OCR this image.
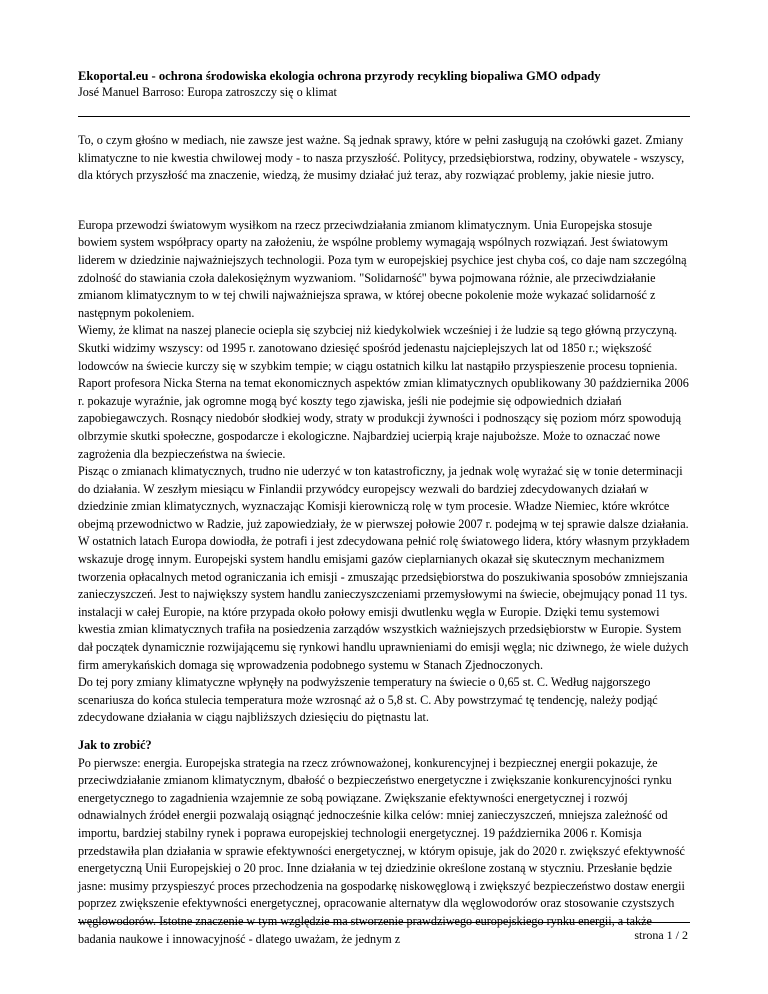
Ekoportal.eu - ochrona środowiska ekologia ochrona przyrody recykling biopaliwa GMO odpady

José Manuel Barroso: Europa zatroszczy się o klimat

To, o czym głośno w mediach, nie zawsze jest ważne. Są jednak sprawy, które w pełni zasługują na czołówki gazet. Zmiany klimatyczne to nie kwestia chwilowej mody - to nasza przyszłość. Politycy, przedsiębiorstwa, rodziny, obywatele - wszyscy, dla których przyszłość ma znaczenie, wiedzą, że musimy działać już teraz, aby rozwiązać problemy, jakie niesie jutro.

Europa przewodzi światowym wysiłkom na rzecz przeciwdziałania zmianom klimatycznym. Unia Europejska stosuje bowiem system współpracy oparty na założeniu, że wspólne problemy wymagają wspólnych rozwiązań. Jest światowym liderem w dziedzinie najważniejszych technologii. Poza tym w europejskiej psychice jest chyba coś, co daje nam szczególną zdolność do stawiania czoła dalekosiężnym wyzwaniom. "Solidarność" bywa pojmowana różnie, ale przeciwdziałanie zmianom klimatycznym to w tej chwili najważniejsza sprawa, w której obecne pokolenie może wykazać solidarność z następnym pokoleniem.

Wiemy, że klimat na naszej planecie ociepla się szybciej niż kiedykolwiek wcześniej i że ludzie są tego główną przyczyną. Skutki widzimy wszyscy: od 1995 r. zanotowano dziesięć spośród jedenastu najcieplejszych lat od 1850 r.; większość lodowców na świecie kurczy się w szybkim tempie; w ciągu ostatnich kilku lat nastąpiło przyspieszenie procesu topnienia.

Raport profesora Nicka Sterna na temat ekonomicznych aspektów zmian klimatycznych opublikowany 30 października 2006 r. pokazuje wyraźnie, jak ogromne mogą być koszty tego zjawiska, jeśli nie podejmie się odpowiednich działań zapobiegawczych. Rosnący niedobór słodkiej wody, straty w produkcji żywności i podnoszący się poziom mórz spowodują olbrzymie skutki społeczne, gospodarcze i ekologiczne. Najbardziej ucierpią kraje najuboższe. Może to oznaczać nowe zagrożenia dla bezpieczeństwa na świecie.

Pisząc o zmianach klimatycznych, trudno nie uderzyć w ton katastroficzny, ja jednak wolę wyrażać się w tonie determinacji do działania. W zeszłym miesiącu w Finlandii przywódcy europejscy wezwali do bardziej zdecydowanych działań w dziedzinie zmian klimatycznych, wyznaczając Komisji kierowniczą rolę w tym procesie. Władze Niemiec, które wkrótce obejmą przewodnictwo w Radzie, już zapowiedziały, że w pierwszej połowie 2007 r. podejmą w tej sprawie dalsze działania.

W ostatnich latach Europa dowiodła, że potrafi i jest zdecydowana pełnić rolę światowego lidera, który własnym przykładem wskazuje drogę innym. Europejski system handlu emisjami gazów cieplarnianych okazał się skutecznym mechanizmem tworzenia opłacalnych metod ograniczania ich emisji - zmuszając przedsiębiorstwa do poszukiwania sposobów zmniejszania zanieczyszczeń. Jest to największy system handlu zanieczyszczeniami przemysłowymi na świecie, obejmujący ponad 11 tys. instalacji w całej Europie, na które przypada około połowy emisji dwutlenku węgla w Europie. Dzięki temu systemowi kwestia zmian klimatycznych trafiła na posiedzenia zarządów wszystkich ważniejszych przedsiębiorstw w Europie. System dał początek dynamicznie rozwijającemu się rynkowi handlu uprawnieniami do emisji węgla; nic dziwnego, że wiele dużych firm amerykańskich domaga się wprowadzenia podobnego systemu w Stanach Zjednoczonych.

Do tej pory zmiany klimatyczne wpłynęły na podwyższenie temperatury na świecie o 0,65 st. C. Według najgorszego scenariusza do końca stulecia temperatura może wzrosnąć aż o 5,8 st. C. Aby powstrzymać tę tendencję, należy podjąć zdecydowane działania w ciągu najbliższych dziesięciu do piętnastu lat.

Jak to zrobić?

Po pierwsze: energia. Europejska strategia na rzecz zrównoważonej, konkurencyjnej i bezpiecznej energii pokazuje, że przeciwdziałanie zmianom klimatycznym, dbałość o bezpieczeństwo energetyczne i zwiększanie konkurencyjności rynku energetycznego to zagadnienia wzajemnie ze sobą powiązane. Zwiększanie efektywności energetycznej i rozwój odnawialnych źródeł energii pozwalają osiągnąć jednocześnie kilka celów: mniej zanieczyszczeń, mniejsza zależność od importu, bardziej stabilny rynek i poprawa europejskiej technologii energetycznej. 19 października 2006 r. Komisja przedstawiła plan działania w sprawie efektywności energetycznej, w którym opisuje, jak do 2020 r. zwiększyć efektywność energetyczną Unii Europejskiej o 20 proc. Inne działania w tej dziedzinie określone zostaną w styczniu. Przesłanie będzie jasne: musimy przyspieszyć proces przechodzenia na gospodarkę niskowęglową i zwiększyć bezpieczeństwo dostaw energii poprzez zwiększenie efektywności energetycznej, opracowanie alternatyw dla węglowodorów oraz stosowanie czystszych węglowodorów. Istotne znaczenie w tym względzie ma stworzenie prawdziwego europejskiego rynku energii, a także badania naukowe i innowacyjność - dlatego uważam, że jednym z	strona 1 / 2
